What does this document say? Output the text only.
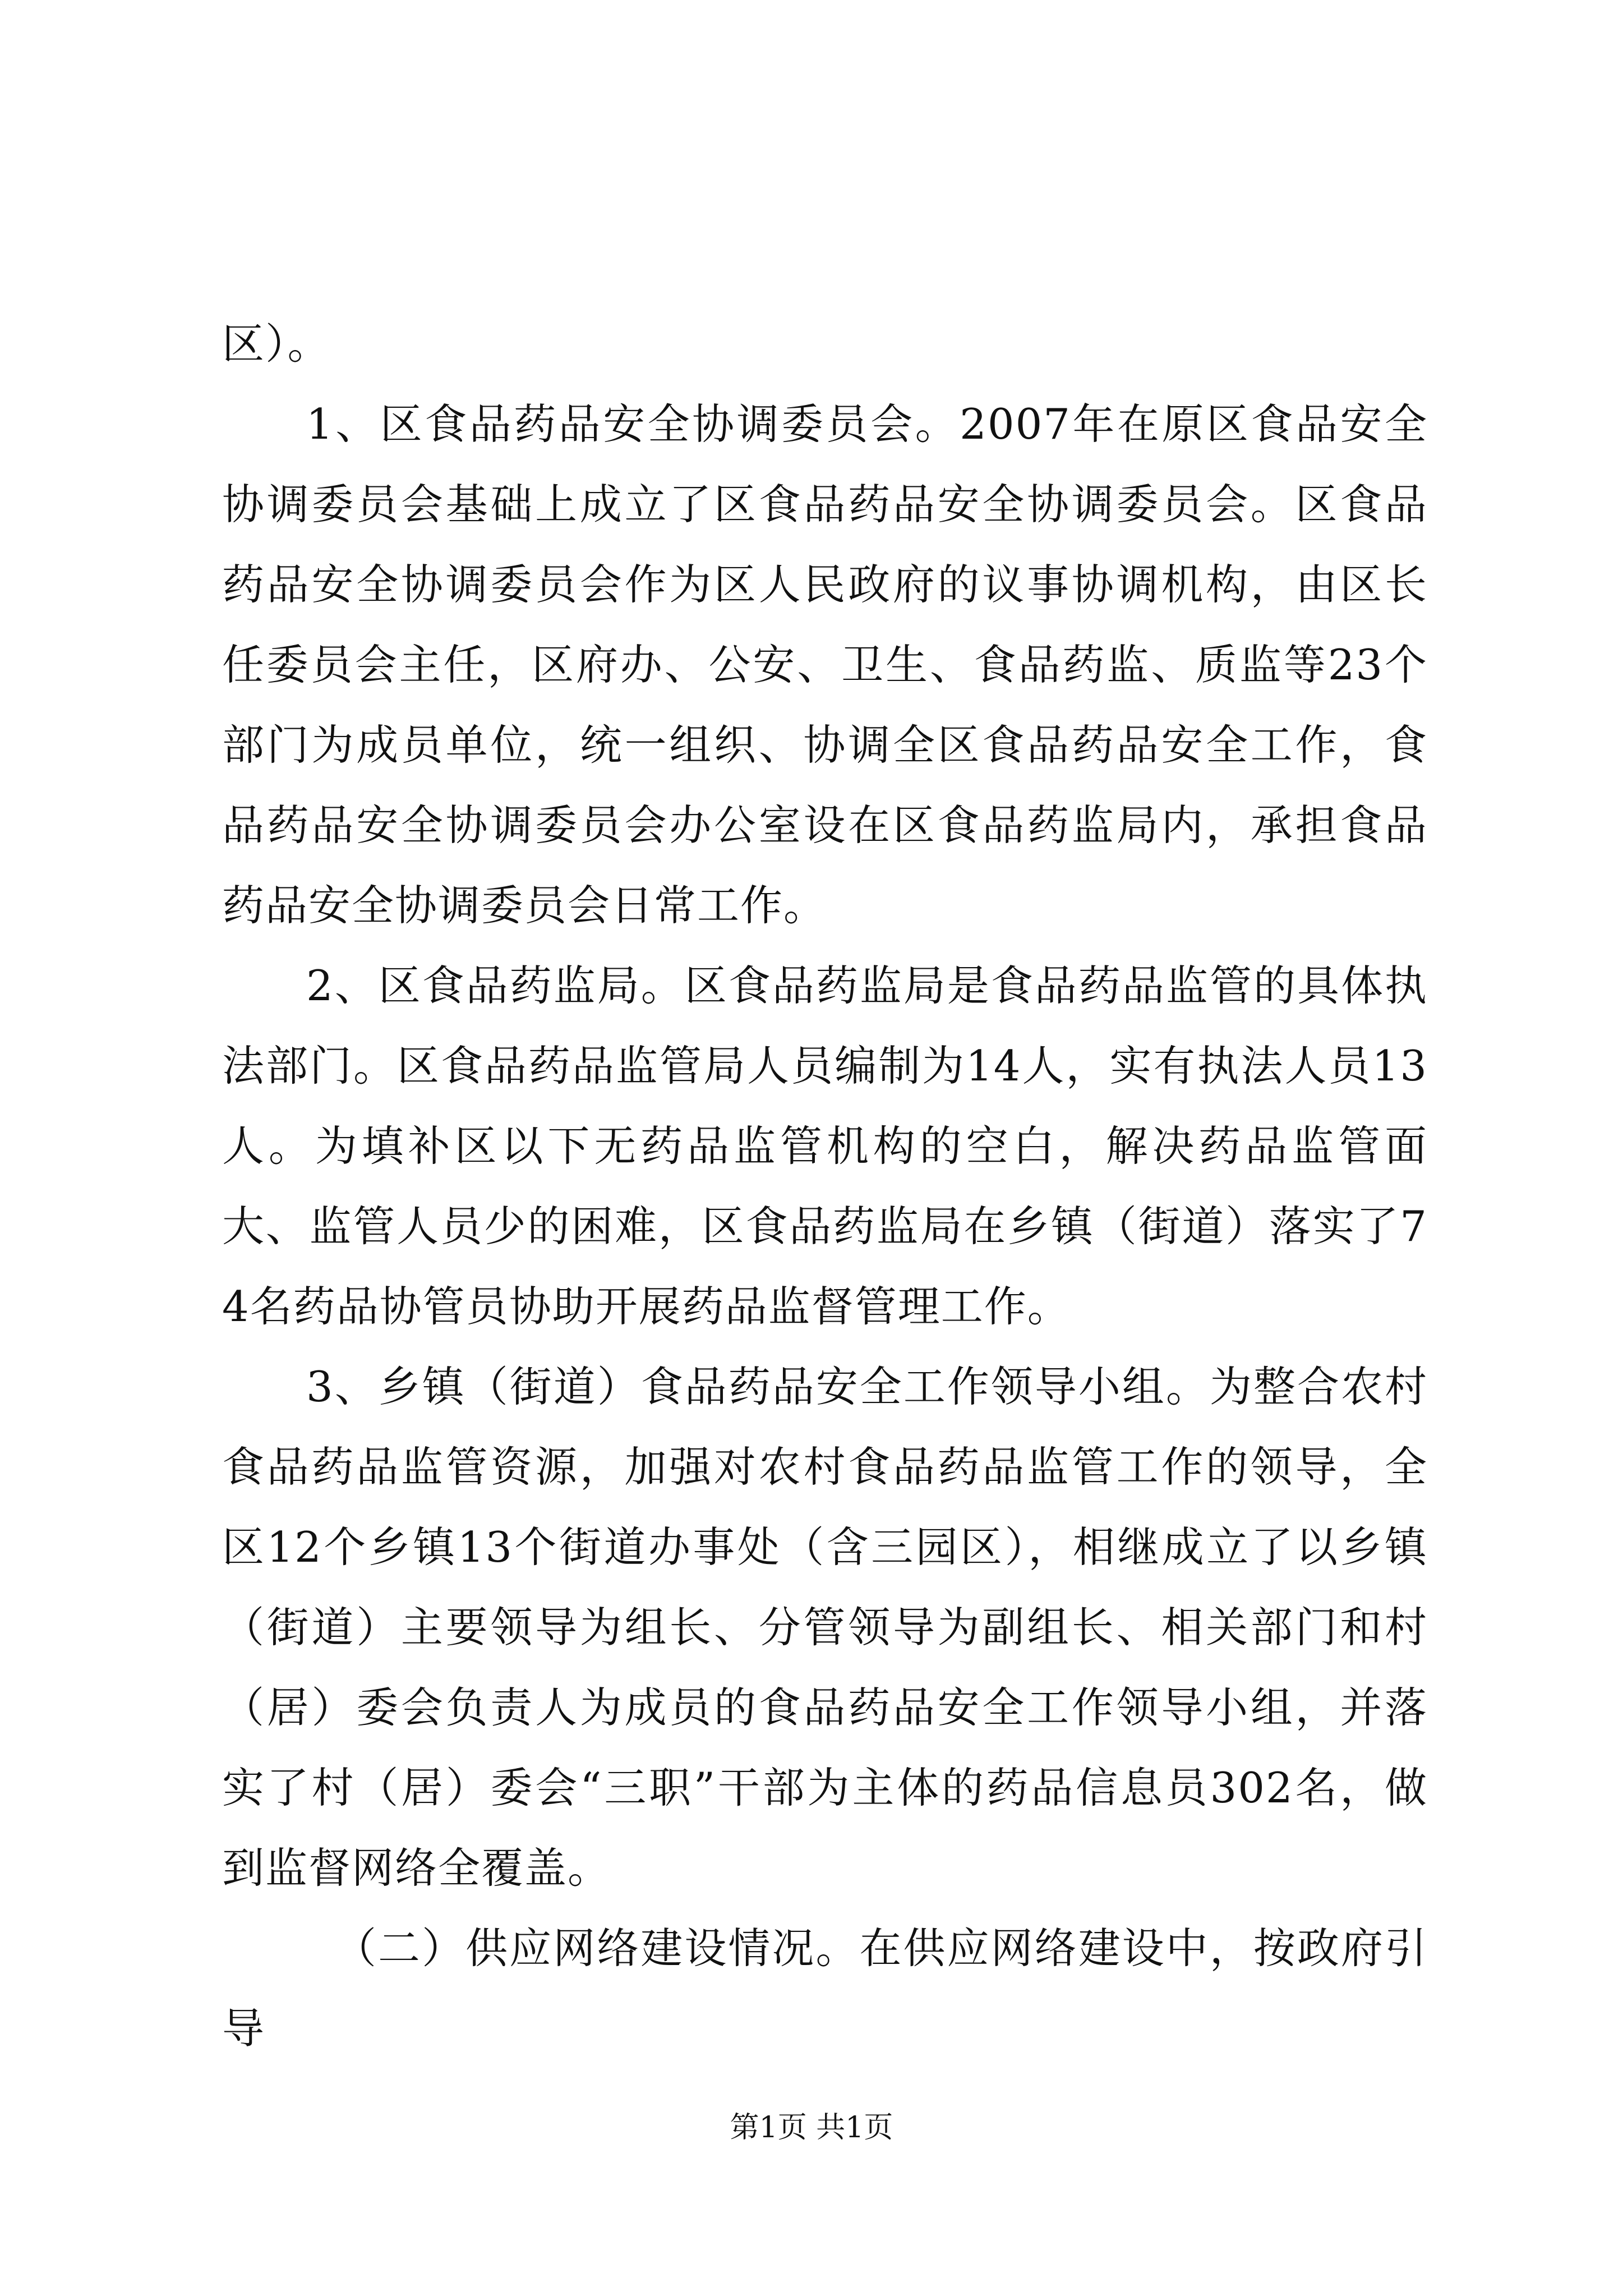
区）。

1、区食品药品安全协调委员会。2007年在原区食品安全协调委员会基础上成立了区食品药品安全协调委员会。区食品药品安全协调委员会作为区人民政府的议事协调机构，由区长任委员会主任，区府办、公安、卫生、食品药监、质监等23个部门为成员单位，统一组织、协调全区食品药品安全工作，食品药品安全协调委员会办公室设在区食品药监局内，承担食品药品安全协调委员会日常工作。

2、区食品药监局。区食品药监局是食品药品监管的具体执法部门。区食品药品监管局人员编制为14人，实有执法人员13人。为填补区以下无药品监管机构的空白，解决药品监管面大、监管人员少的困难，区食品药监局在乡镇（街道）落实了74名药品协管员协助开展药品监督管理工作。

3、乡镇（街道）食品药品安全工作领导小组。为整合农村食品药品监管资源，加强对农村食品药品监管工作的领导，全区12个乡镇13个街道办事处（含三园区），相继成立了以乡镇（街道）主要领导为组长、分管领导为副组长、相关部门和村（居）委会负责人为成员的食品药品安全工作领导小组，并落实了村（居）委会“三职”干部为主体的药品信息员302名，做到监督网络全覆盖。

（二）供应网络建设情况。在供应网络建设中，按政府引导

第1页 共1页
